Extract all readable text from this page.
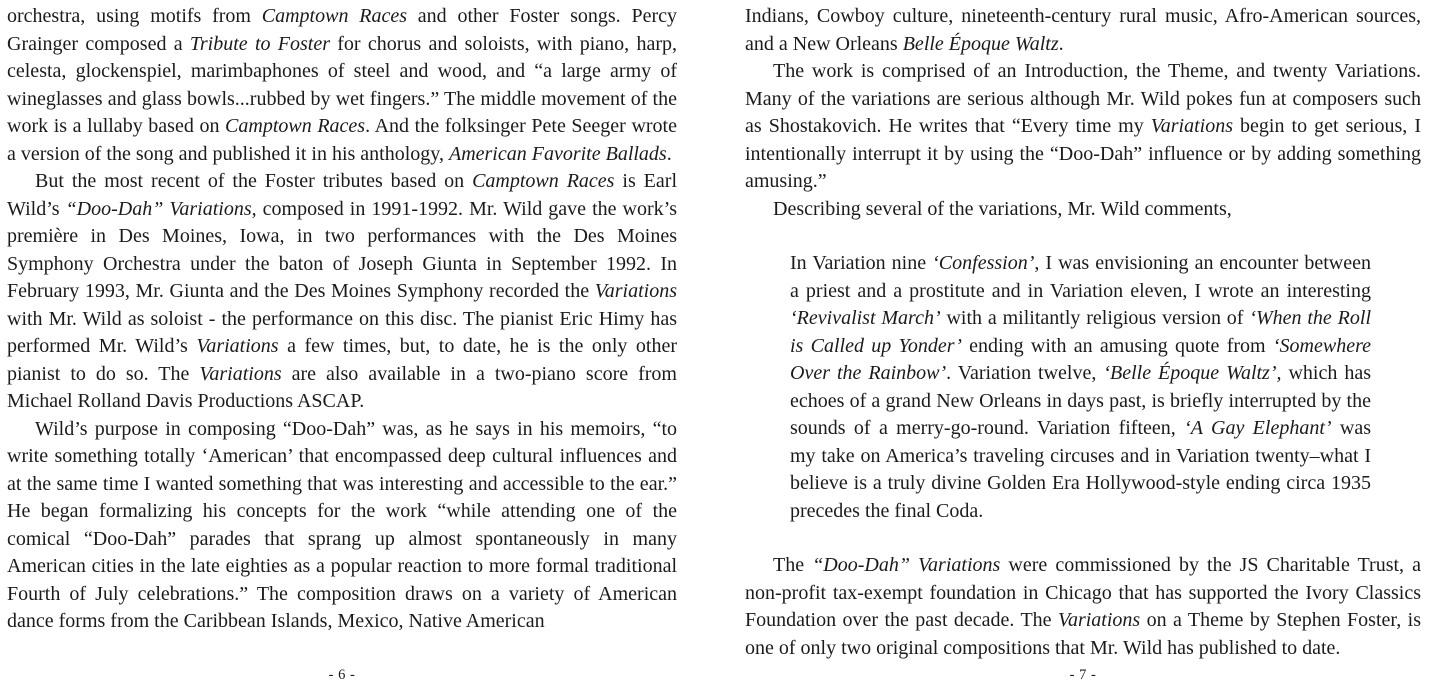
orchestra, using motifs from Camptown Races and other Foster songs. Percy Grainger composed a Tribute to Foster for chorus and soloists, with piano, harp, celesta, glockenspiel, marimbaphones of steel and wood, and “a large army of wineglasses and glass bowls...rubbed by wet fingers.” The middle movement of the work is a lullaby based on Camptown Races. And the folksinger Pete Seeger wrote a version of the song and published it in his anthology, American Favorite Ballads.

But the most recent of the Foster tributes based on Camptown Races is Earl Wild’s “Doo-Dah” Variations, composed in 1991-1992. Mr. Wild gave the work’s première in Des Moines, Iowa, in two performances with the Des Moines Symphony Orchestra under the baton of Joseph Giunta in September 1992. In February 1993, Mr. Giunta and the Des Moines Symphony recorded the Variations with Mr. Wild as soloist - the performance on this disc. The pianist Eric Himy has performed Mr. Wild’s Variations a few times, but, to date, he is the only other pianist to do so. The Variations are also available in a two-piano score from Michael Rolland Davis Productions ASCAP.

Wild’s purpose in composing “Doo-Dah” was, as he says in his memoirs, “to write something totally ‘American’ that encompassed deep cultural influences and at the same time I wanted something that was interesting and accessible to the ear.” He began formalizing his concepts for the work “while attending one of the comical “Doo-Dah” parades that sprang up almost spontaneously in many American cities in the late eighties as a popular reaction to more formal traditional Fourth of July celebrations.” The composition draws on a variety of American dance forms from the Caribbean Islands, Mexico, Native American

- 6 -

Indians, Cowboy culture, nineteenth-century rural music, Afro-American sources, and a New Orleans Belle Époque Waltz.

The work is comprised of an Introduction, the Theme, and twenty Variations. Many of the variations are serious although Mr. Wild pokes fun at composers such as Shostakovich. He writes that “Every time my Variations begin to get serious, I intentionally interrupt it by using the “Doo-Dah” influence or by adding something amusing.”

Describing several of the variations, Mr. Wild comments,

In Variation nine ‘Confession’, I was envisioning an encounter between a priest and a prostitute and in Variation eleven, I wrote an interesting ‘Revivalist March’ with a militantly religious version of ‘When the Roll is Called up Yonder’ ending with an amusing quote from ‘Somewhere Over the Rainbow’. Variation twelve, ‘Belle Époque Waltz’, which has echoes of a grand New Orleans in days past, is briefly interrupted by the sounds of a merry-go-round. Variation fifteen, ‘A Gay Elephant’ was my take on America’s traveling circuses and in Variation twenty–what I believe is a truly divine Golden Era Hollywood-style ending circa 1935 precedes the final Coda.

The “Doo-Dah” Variations were commissioned by the JS Charitable Trust, a non-profit tax-exempt foundation in Chicago that has supported the Ivory Classics Foundation over the past decade. The Variations on a Theme by Stephen Foster, is one of only two original compositions that Mr. Wild has published to date.

- 7 -
